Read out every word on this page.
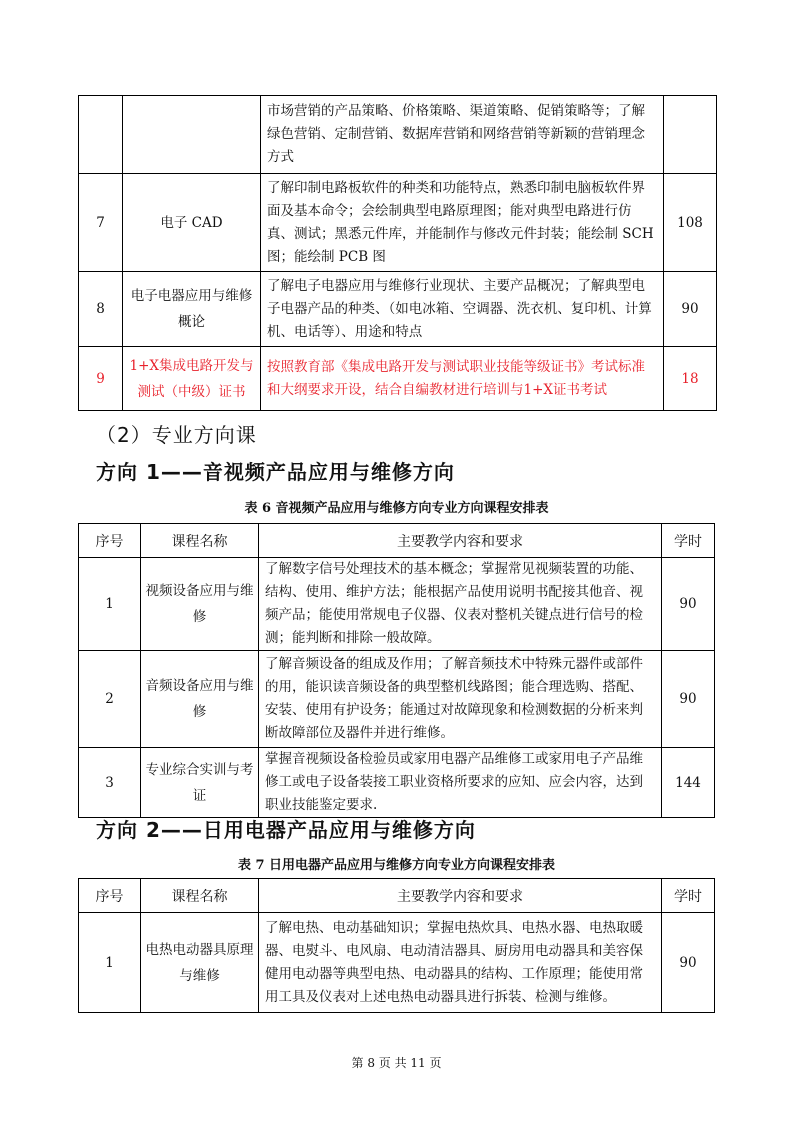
		市场营销的产品策略、价格策略、渠道策略、促销策略等；了解绿色营销、定制营销、数据库营销和网络营销等新颖的营销理念方式	
7	电子 CAD	了解印制电路板软件的种类和功能特点，熟悉印制电脑板软件界面及基本命令；会绘制典型电路原理图；能对典型电路进行仿真、测试；黑悉元件库，并能制作与修改元件封装；能绘制 SCH 图；能绘制 PCB 图	108
8	电子电器应用与维修概论	了解电子电器应用与维修行业现状、主要产品概况；了解典型电子电器产品的种类、（如电冰箱、空调器、洗衣机、复印机、计算机、电话等）、用途和特点	90
9	1+X集成电路开发与测试（中级）证书	按照教育部《集成电路开发与测试职业技能等级证书》考试标准和大纲要求开设，结合自编教材进行培训与1+X证书考试	18
（2）专业方向课
方向 1——音视频产品应用与维修方向

表 6 音视频产品应用与维修方向专业方向课程安排表

序号	课程名称	主要教学内容和要求	学时
1	视频设备应用与维修	了解数字信号处理技术的基本概念；掌握常见视频装置的功能、结构、使用、维护方法；能根据产品使用说明书配接其他音、视频产品；能使用常规电子仪器、仪表对整机关键点进行信号的检测；能判断和排除一般故障。	90
2	音频设备应用与维修	了解音频设备的组成及作用；了解音频技术中特殊元器件或部件的用，能识读音频设备的典型整机线路图；能合理选购、搭配、安装、使用有护设务；能通过对故障现象和检测数据的分析来判断故障部位及器件并进行维修。	90
3	专业综合实训与考证	掌握音视频设备检验员或家用电器产品维修工或家用电子产品维修工或电子设备装接工职业资格所要求的应知、应会内容，达到职业技能鉴定要求.	144
方向 2——日用电器产品应用与维修方向

表 7 日用电器产品应用与维修方向专业方向课程安排表

序号	课程名称	主要教学内容和要求	学时
1	电热电动器具原理与维修	了解电热、电动基础知识；掌握电热炊具、电热水器、电热取暖器、电熨斗、电风扇、电动清洁器具、厨房用电动器具和美容保健用电动器等典型电热、电动器具的结构、工作原理；能使用常用工具及仪表对上述电热电动器具进行拆装、检测与维修。	90
第 8 页 共 11 页
